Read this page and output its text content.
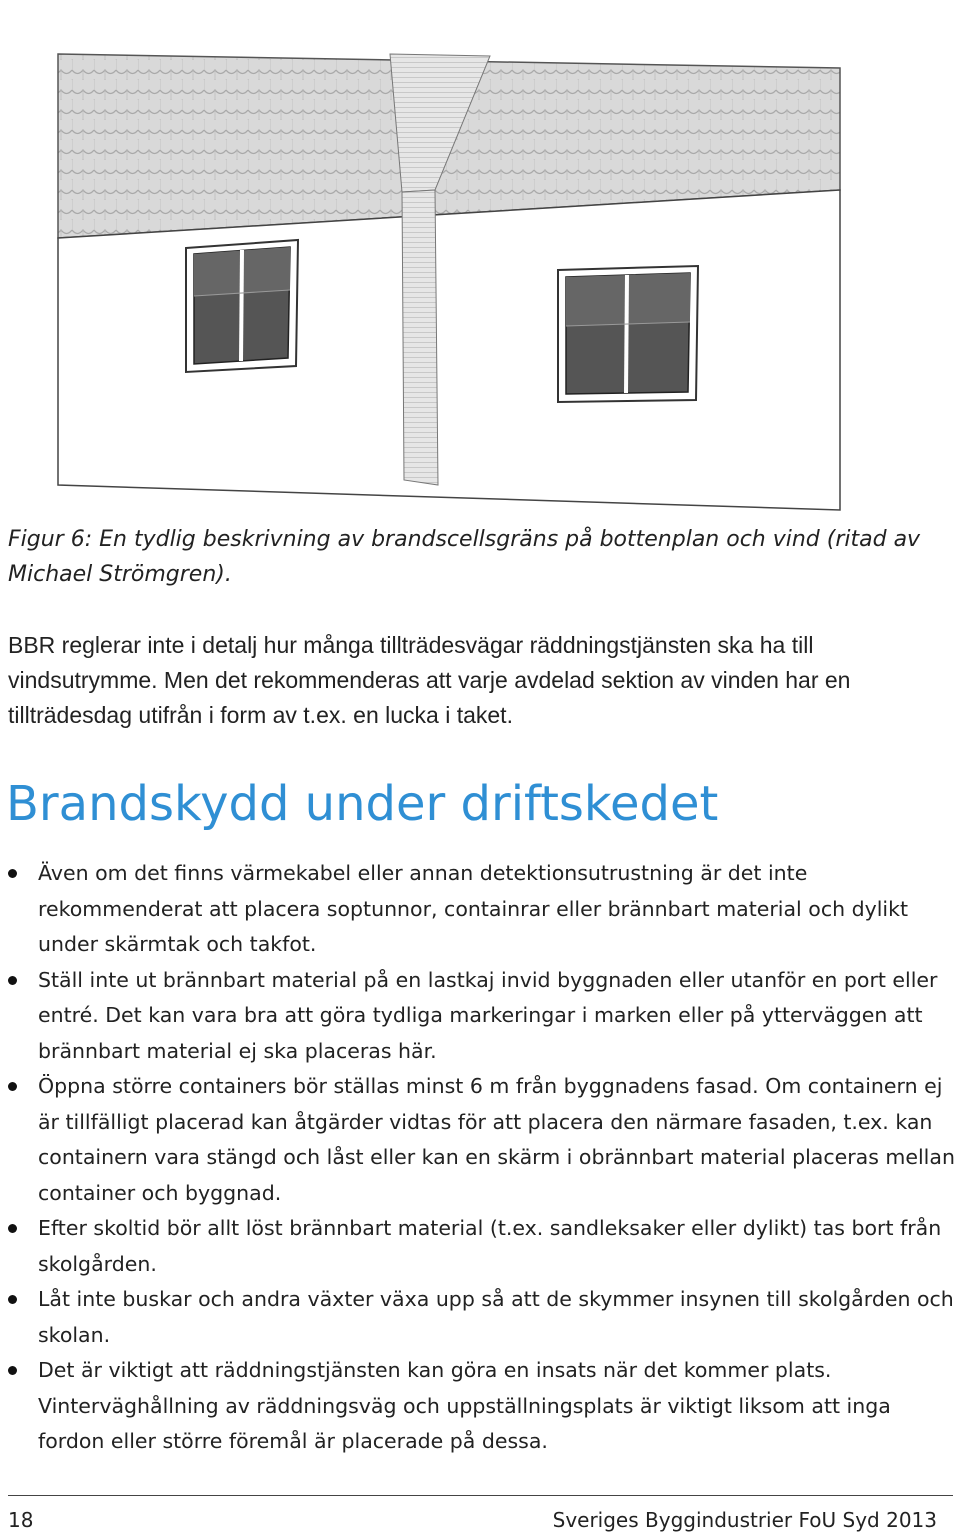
Figur 6: En tydlig beskrivning av brandscellsgräns på bottenplan och vind (ritad av Michael Strömgren).
BBR reglerar inte i detalj hur många tillträdesvägar räddningstjänsten ska ha till vindsutrymme. Men det rekommenderas att varje avdelad sektion av vinden har en tillträdesdag utifrån i form av t.ex. en lucka i taket.
Brandskydd under driftskedet
Även om det finns värmekabel eller annan detektionsutrustning är det inte rekommenderat att placera soptunnor, containrar eller brännbart material och dylikt under skärmtak och takfot.
Ställ inte ut brännbart material på en lastkaj invid byggnaden eller utanför en port eller entré. Det kan vara bra att göra tydliga markeringar i marken eller på ytterväggen att brännbart material ej ska placeras här.
Öppna större containers bör ställas minst 6 m från byggnadens fasad. Om containern ej är tillfälligt placerad kan åtgärder vidtas för att placera den närmare fasaden, t.ex. kan containern vara stängd och låst eller kan en skärm i obrännbart material placeras mellan container och byggnad.
Efter skoltid bör allt löst brännbart material (t.ex. sandleksaker eller dylikt) tas bort från skolgården.
Låt inte buskar och andra växter växa upp så att de skymmer insynen till skolgården och skolan.
Det är viktigt att räddningstjänsten kan göra en insats när det kommer plats. Vinterväghållning av räddningsväg och uppställningsplats är viktigt liksom att inga fordon eller större föremål är placerade på dessa.
18	Sveriges Byggindustrier FoU Syd 2013
